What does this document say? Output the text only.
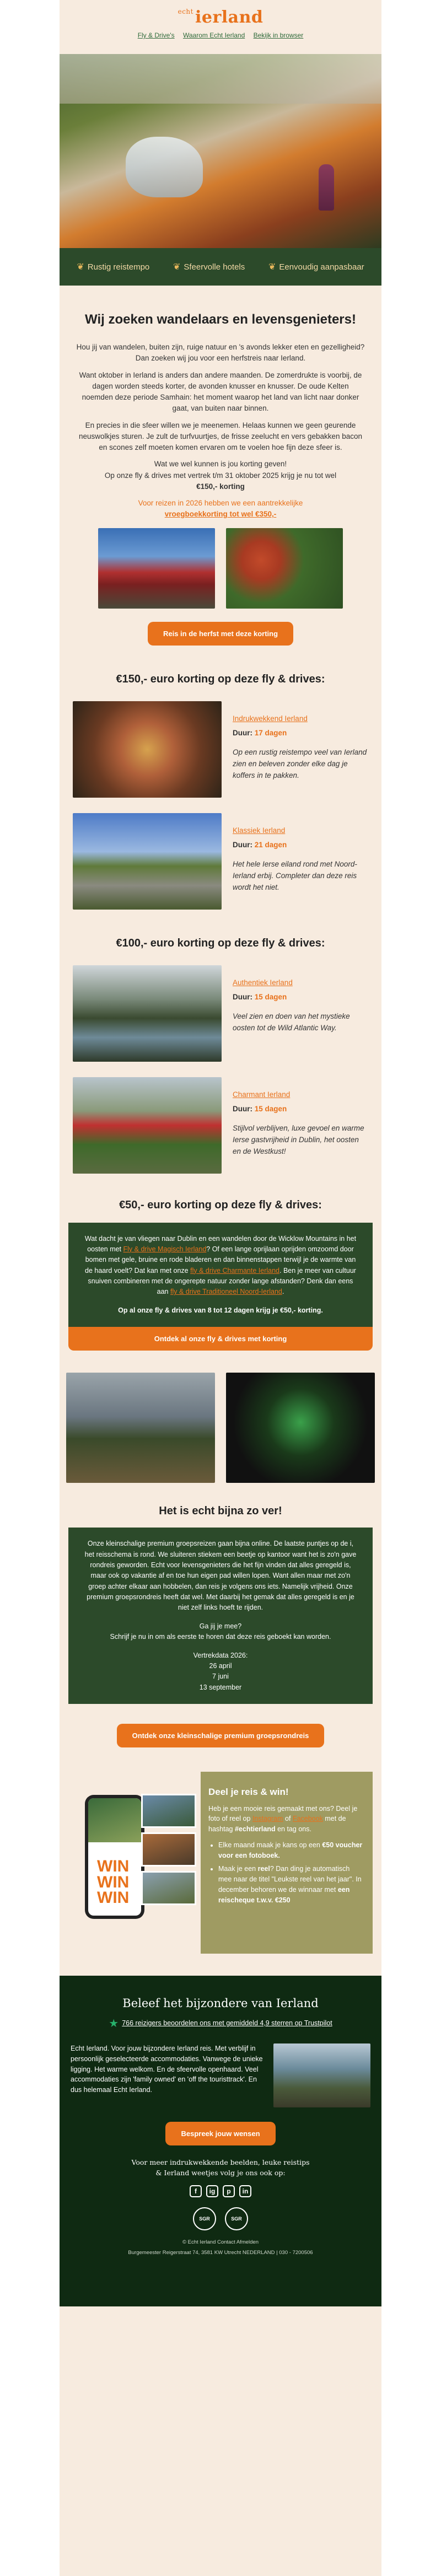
$^{echt}$ ierland
Fly & Drive's Waarom Echt Ierland Bekijk in browser
❦ Rustig reistempo	❦ Sfeervolle hotels	❦ Eenvoudig aanpasbaar
Wij zoeken wandelaars en levensgenieters!

Hou jij van wandelen, buiten zijn, ruige natuur en 's avonds lekker eten en gezelligheid? Dan zoeken wij jou voor een herfstreis naar Ierland.

Want oktober in Ierland is anders dan andere maanden. De zomerdrukte is voorbij, de dagen worden steeds korter, de avonden knusser en knusser. De oude Kelten noemden deze periode Samhain: het moment waarop het land van licht naar donker gaat, van buiten naar binnen.

En precies in die sfeer willen we je meenemen. Helaas kunnen we geen geurende neuswolkjes sturen. Je zult de turfvuurtjes, de frisse zeelucht en vers gebakken bacon en scones zelf moeten komen ervaren om te voelen hoe fijn deze sfeer is.

Wat we wel kunnen is jou korting geven!
Op onze fly & drives met vertrek t/m 31 oktober 2025 krijg je nu tot wel
€150,- korting

Voor reizen in 2026 hebben we een aantrekkelijke
vroegboekkorting tot wel €350,-

Reis in de herfst met deze korting
€150,- euro korting op deze fly & drives:
Indrukwekkend Ierland
Duur: 17 dagen
Op een rustig reistempo veel van Ierland zien en beleven zonder elke dag je koffers in te pakken.
Klassiek Ierland
Duur: 21 dagen
Het hele Ierse eiland rond met Noord-Ierland erbij. Completer dan deze reis wordt het niet.
€100,- euro korting op deze fly & drives:
Authentiek Ierland
Duur: 15 dagen
Veel zien en doen van het mystieke oosten tot de Wild Atlantic Way.
Charmant Ierland
Duur: 15 dagen
Stijlvol verblijven, luxe gevoel en warme Ierse gastvrijheid in Dublin, het oosten en de Westkust!
€50,- euro korting op deze fly & drives:

Wat dacht je van vliegen naar Dublin en een wandelen door de Wicklow Mountains in het oosten met Fly & drive Magisch Ierland? Of een lange oprijlaan oprijden omzoomd door bomen met gele, bruine en rode bladeren en dan binnenstappen terwijl je de warmte van de haard voelt? Dat kan met onze fly & drive Charmante Ierland. Ben je meer van cultuur snuiven combineren met de ongerepte natuur zonder lange afstanden? Denk dan eens aan fly & drive Traditioneel Noord-Ierland.

Op al onze fly & drives van 8 tot 12 dagen krijg je €50,- korting.

Ontdek al onze fly & drives met korting
Het is echt bijna zo ver!

Onze kleinschalige premium groepsreizen gaan bijna online. De laatste puntjes op de i, het reisschema is rond. We sluiteren stiekem een beetje op kantoor want het is zo'n gave rondreis geworden. Echt voor levensgenieters die het fijn vinden dat alles geregeld is, maar ook op vakantie af en toe hun eigen pad willen lopen. Want allen maar met zo'n groep achter elkaar aan hobbelen, dan reis je volgens ons iets. Namelijk vrijheid. Onze premium groepsrondreis heeft dat wel. Met daarbij het gemak dat alles geregeld is en je niet zelf links hoeft te rijden.

Ga jij je mee?
Schrijf je nu in om als eerste te horen dat deze reis geboekt kan worden.

Vertrekdata 2026:
26 april
7 juni
13 september

Ontdek onze kleinschalige premium groepsrondreis
WIN
WIN
WIN
Deel je reis & win!

Heb je een mooie reis gemaakt met ons? Deel je foto of reel op Instagram of Facebook met de hashtag #echtierland en tag ons.

• Elke maand maak je kans op een €50 voucher voor een fotoboek.
• Maak je een reel? Dan ding je automatisch mee naar de titel "Leukste reel van het jaar". In december behoren we de winnaar met een reischeque t.w.v. €250
Beleef het bijzondere van Ierland
★ 766 reizigers beoordelen ons met gemiddeld 4,9 sterren op Trustpilot

Echt Ierland. Voor jouw bijzondere Ierland reis. Met verblijf in persoonlijk geselecteerde accommodaties. Vanwege de unieke ligging. Het warme welkom. En de sfeervolle openhaard. Veel accommodaties zijn 'family owned' en 'off the touristtrack'. En dus helemaal Echt Ierland.

Bespreek jouw wensen

Voor meer indrukwekkende beelden, leuke reistips
& Ierland weetjes volg je ons ook op:

f	ig	p	in
SGR	SGR

© Echt Ierland Contact Afmelden

Burgemeester Reigerstraat 74, 3581 KW Utrecht NEDERLAND | 030 - 7200506
